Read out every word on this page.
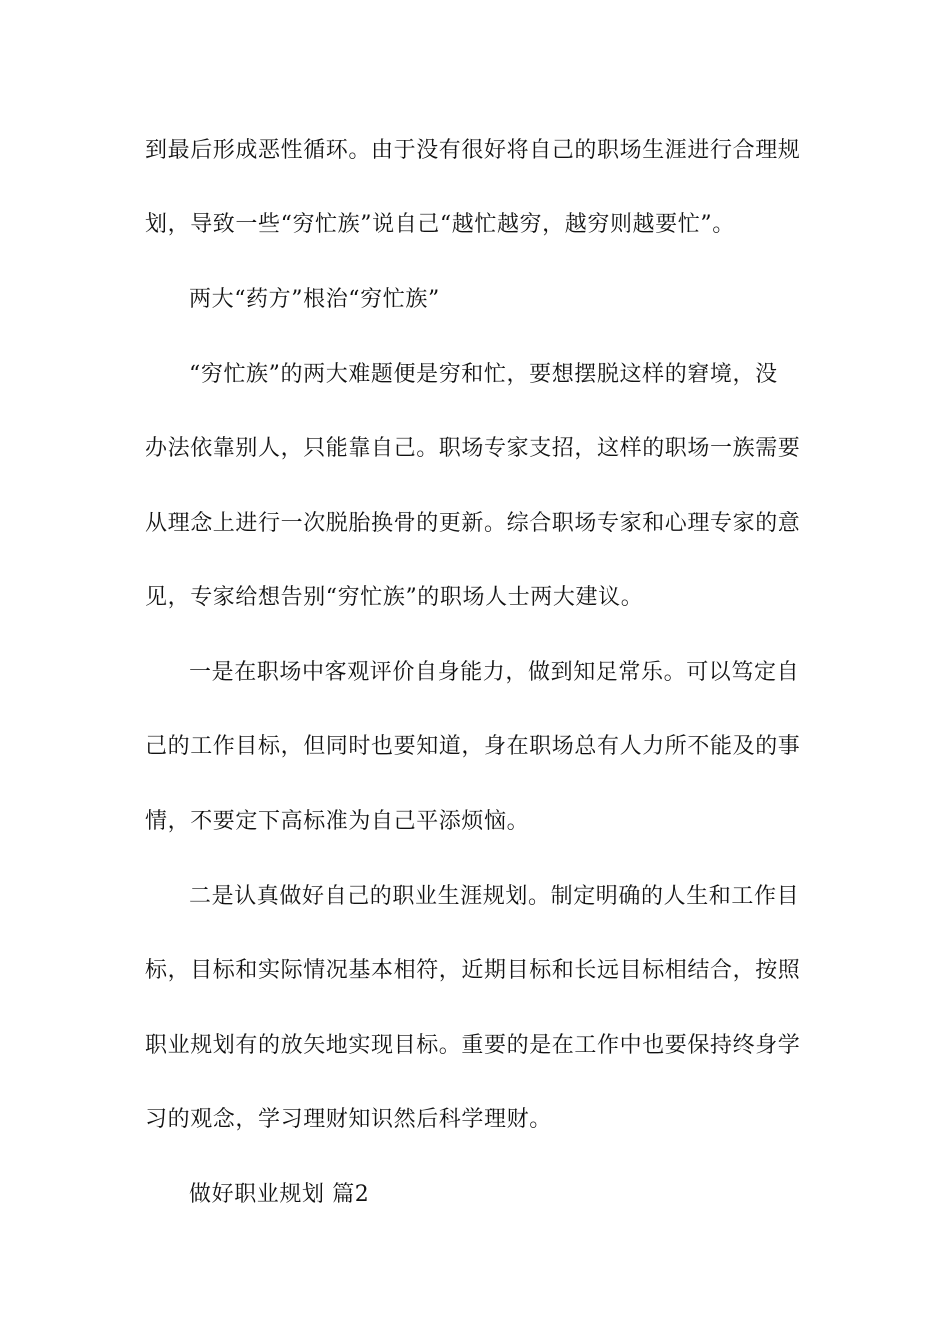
到最后形成恶性循环。由于没有很好将自己的职场生涯进行合理规
划，导致一些“穷忙族”说自己“越忙越穷，越穷则越要忙”。
两大“药方”根治“穷忙族”
“穷忙族”的两大难题便是穷和忙，要想摆脱这样的窘境，没
办法依靠别人，只能靠自己。职场专家支招，这样的职场一族需要
从理念上进行一次脱胎换骨的更新。综合职场专家和心理专家的意
见，专家给想告别“穷忙族”的职场人士两大建议。
一是在职场中客观评价自身能力，做到知足常乐。可以笃定自
己的工作目标，但同时也要知道，身在职场总有人力所不能及的事
情，不要定下高标准为自己平添烦恼。
二是认真做好自己的职业生涯规划。制定明确的人生和工作目
标，目标和实际情况基本相符，近期目标和长远目标相结合，按照
职业规划有的放矢地实现目标。重要的是在工作中也要保持终身学
习的观念，学习理财知识然后科学理财。
做好职业规划 篇2
